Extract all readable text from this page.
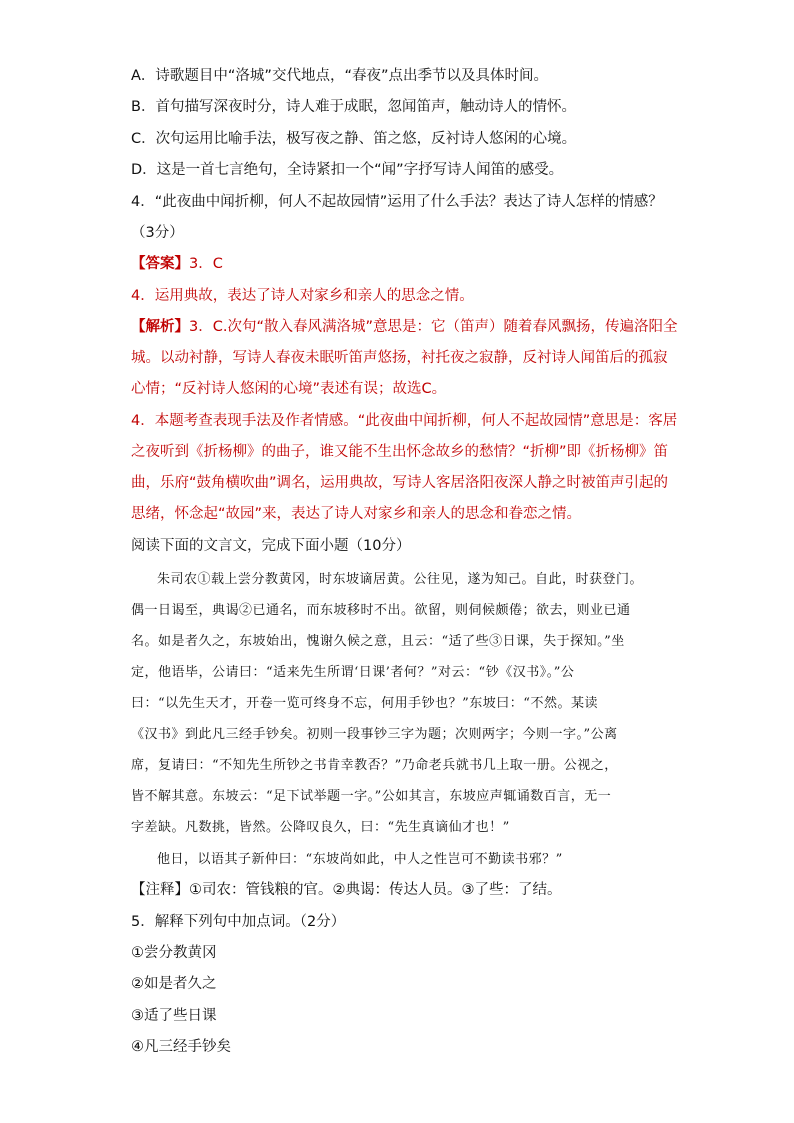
A．诗歌题目中“洛城”交代地点，“春夜”点出季节以及具体时间。
B．首句描写深夜时分，诗人难于成眠，忽闻笛声，触动诗人的情怀。
C．次句运用比喻手法，极写夜之静、笛之悠，反衬诗人悠闲的心境。
D．这是一首七言绝句，全诗紧扣一个“闻”字抒写诗人闻笛的感受。
4．“此夜曲中闻折柳，何人不起故园情”运用了什么手法？表达了诗人怎样的情感？
（3分）
【答案】3．C
4．运用典故，表达了诗人对家乡和亲人的思念之情。
【解析】3．C.次句“散入春风满洛城”意思是：它（笛声）随着春风飘扬，传遍洛阳全
城。以动衬静，写诗人春夜未眠听笛声悠扬，衬托夜之寂静，反衬诗人闻笛后的孤寂
心情；“反衬诗人悠闲的心境”表述有误；故选C。
4．本题考查表现手法及作者情感。“此夜曲中闻折柳，何人不起故园情”意思是：客居
之夜听到《折杨柳》的曲子，谁又能不生出怀念故乡的愁情？“折柳”即《折杨柳》笛
曲，乐府“鼓角横吹曲”调名，运用典故，写诗人客居洛阳夜深人静之时被笛声引起的
思绪，怀念起“故园”来，表达了诗人对家乡和亲人的思念和眷恋之情。
阅读下面的文言文，完成下面小题（10分）
朱司农①载上尝分教黄冈，时东坡谪居黄。公往见，遂为知己。自此，时获登门。
偶一日谒至，典谒②已通名，而东坡移时不出。欲留，则伺候颇倦；欲去，则业已通
名。如是者久之，东坡始出，愧谢久候之意，且云：“适了些③日课，失于探知。”坐
定，他语毕，公请曰：“适来先生所谓‘日课’者何？”对云：“钞《汉书》。”公
曰：“以先生天才，开卷一览可终身不忘，何用手钞也？”东坡曰：“不然。某读
《汉书》到此凡三经手钞矣。初则一段事钞三字为题；次则两字；今则一字。”公离
席，复请曰：“不知先生所钞之书肯幸教否？”乃命老兵就书几上取一册。公视之，
皆不解其意。东坡云：“足下试举题一字。”公如其言，东坡应声辄诵数百言，无一
字差缺。凡数挑，皆然。公降叹良久，曰：“先生真谪仙才也！”
他日，以语其子新仲曰：“东坡尚如此，中人之性岂可不勤读书邪？”
【注释】①司农：管钱粮的官。②典谒：传达人员。③了些：了结。
5．解释下列句中加点词。（2分）
①尝分教黄冈
②如是者久之
③适了些日课
④凡三经手钞矣
